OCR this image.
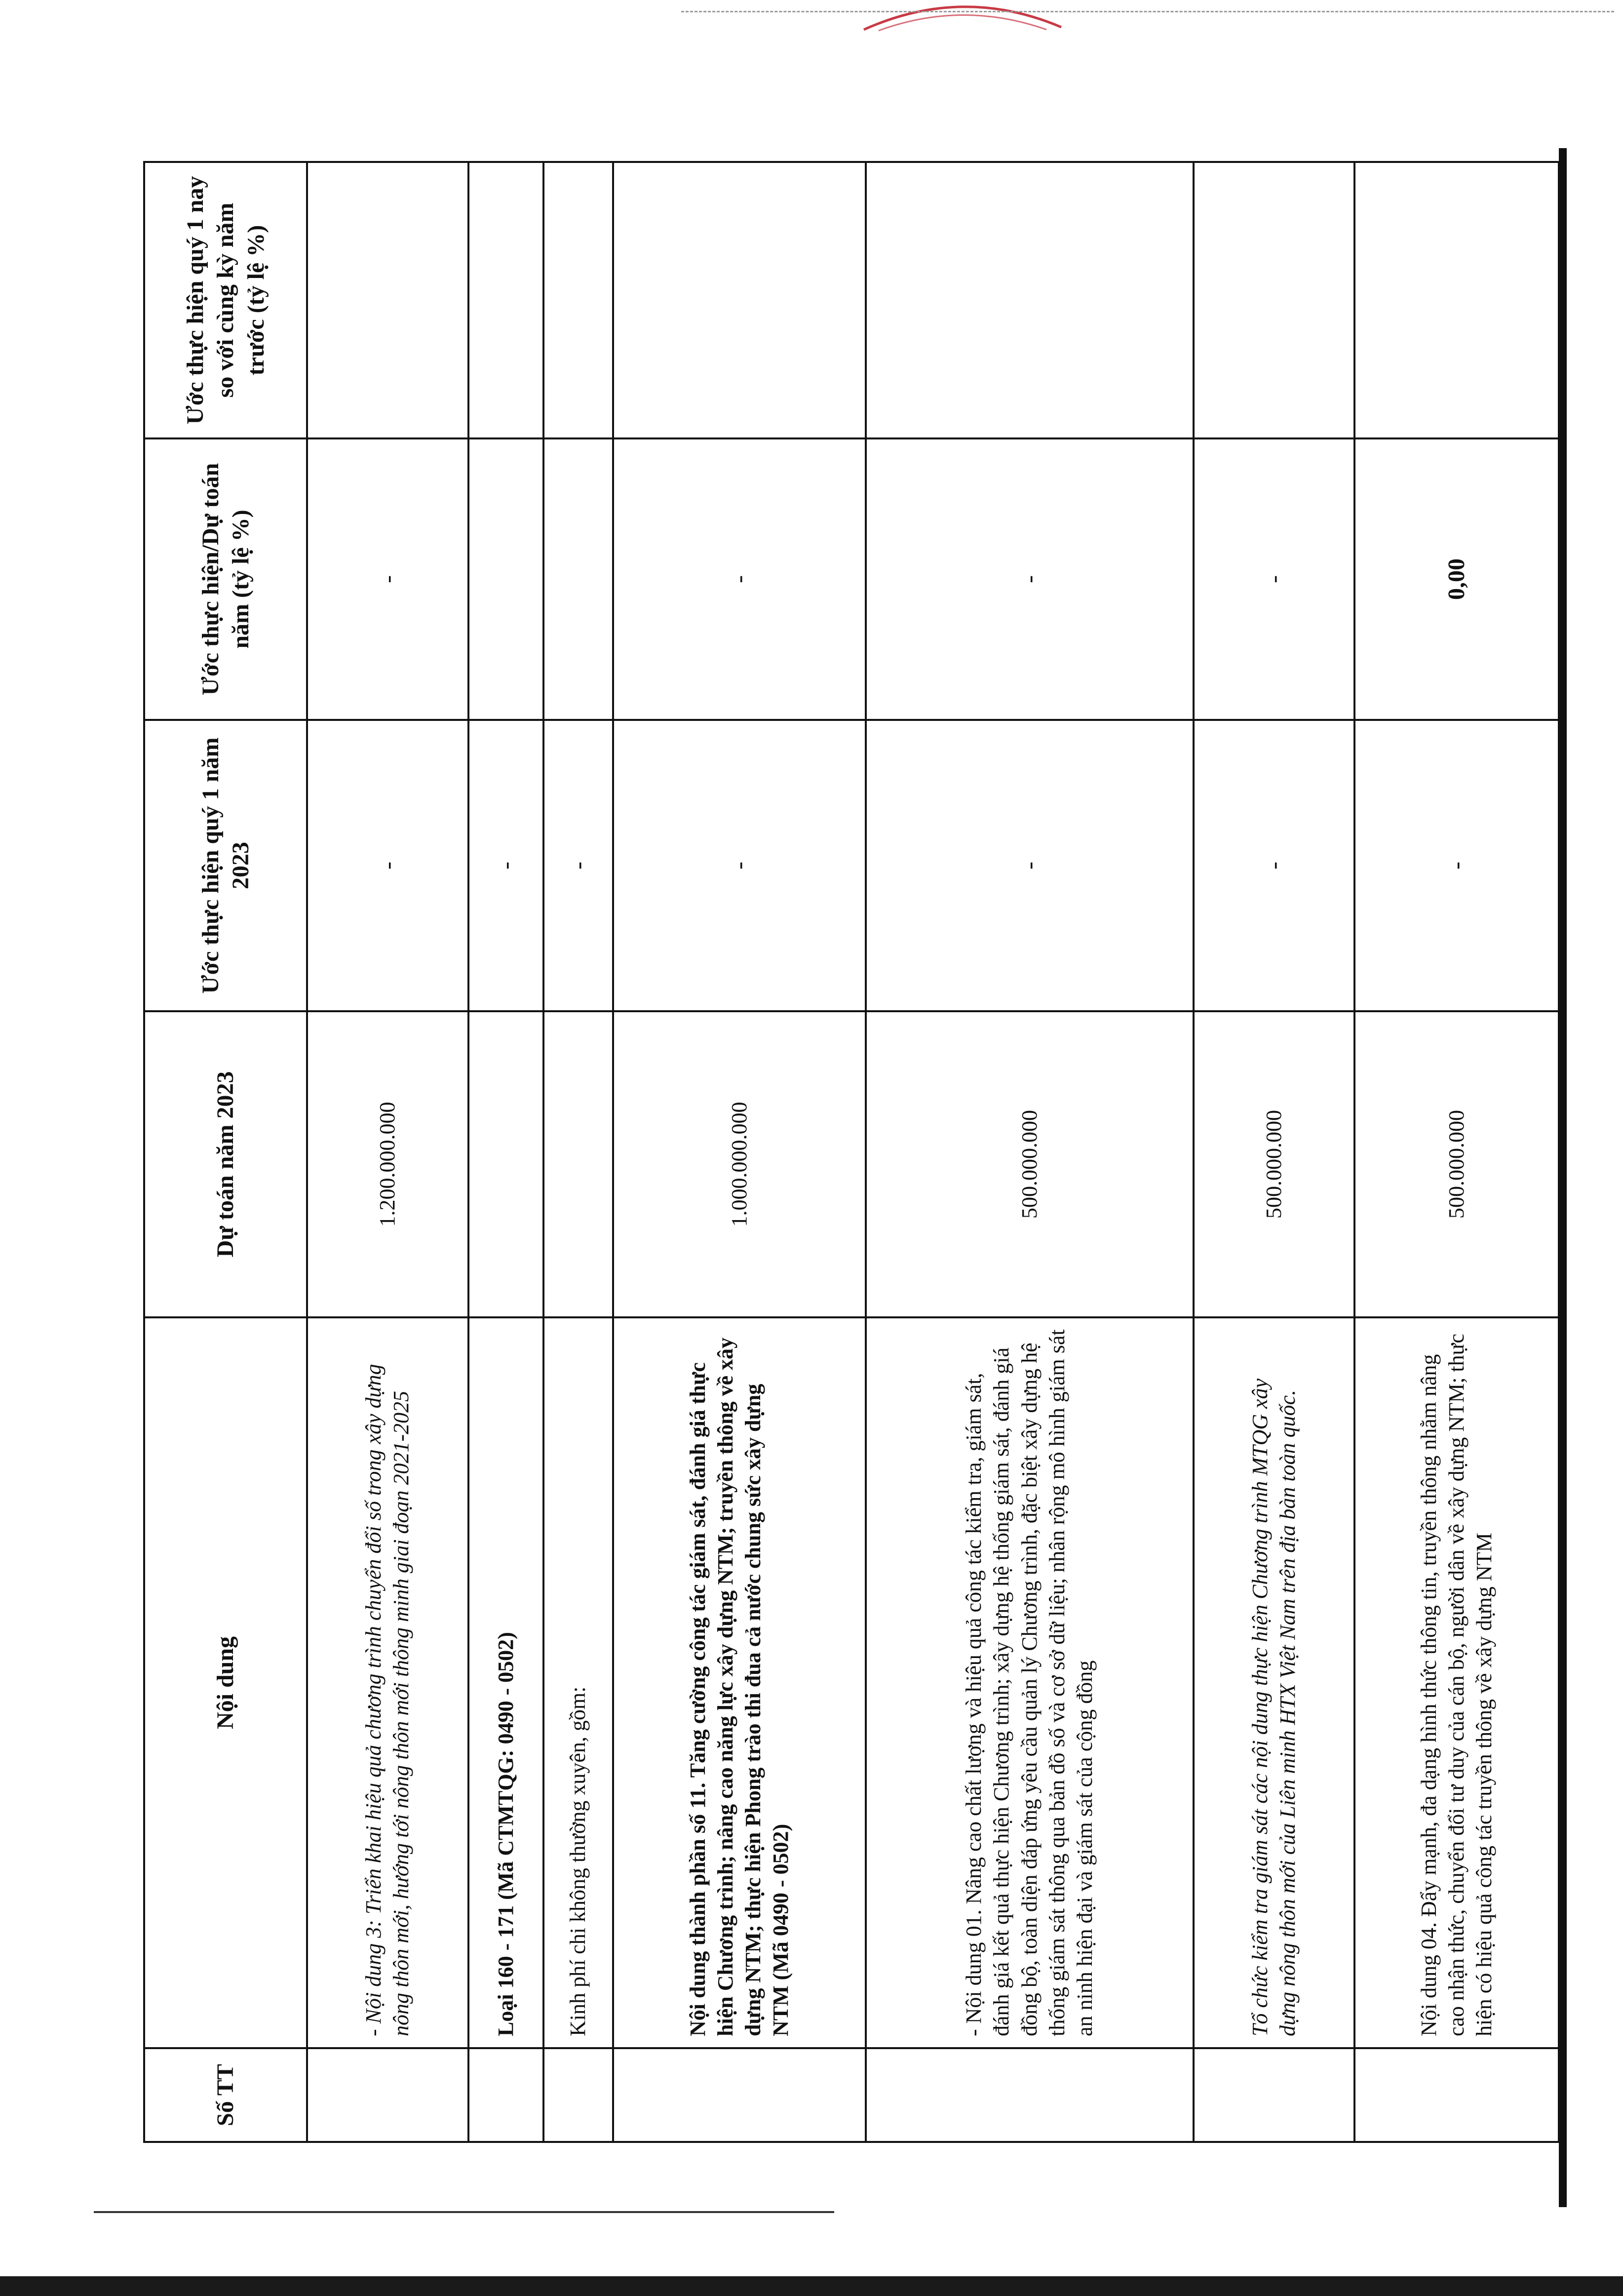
Số TT	Nội dung	Dự toán năm 2023	Ước thực hiện quý 1 năm 2023	Ước thực hiện/Dự toán năm (tỷ lệ %)	Ước thực hiện quý 1 nay so với cùng kỳ năm trước (tỷ lệ %)
	- Nội dung 3: Triển khai hiệu quả chương trình chuyển đổi số trong xây dựng nông thôn mới, hướng tới nông thôn mới thông minh giai đoạn 2021-2025	1.200.000.000	-	-	
	Loại 160 - 171 (Mã CTMTQG: 0490 - 0502)		-		
	Kinh phí chi không thường xuyên, gồm:		-		
	Nội dung thành phần số 11. Tăng cường công tác giám sát, đánh giá thực hiện Chương trình; nâng cao năng lực xây dựng NTM; truyền thông về xây dựng NTM; thực hiện Phong trào thi đua cả nước chung sức xây dựng NTM (Mã 0490 - 0502)	1.000.000.000	-	-	
	- Nội dung 01. Nâng cao chất lượng và hiệu quả công tác kiểm tra, giám sát, đánh giá kết quả thực hiện Chương trình; xây dựng hệ thống giám sát, đánh giá đồng bộ, toàn diện đáp ứng yêu cầu quản lý Chương trình, đặc biệt xây dựng hệ thống giám sát thông qua bản đồ số và cơ sở dữ liệu; nhân rộng mô hình giám sát an ninh hiện đại và giám sát của cộng đồng	500.000.000	-	-	
	Tổ chức kiểm tra giám sát các nội dung thực hiện Chương trình MTQG xây dựng nông thôn mới của Liên minh HTX Việt Nam trên địa bàn toàn quốc.	500.000.000	-	-	
	Nội dung 04. Đẩy mạnh, đa dạng hình thức thông tin, truyền thông nhằm nâng cao nhận thức, chuyển đổi tư duy của cán bộ, người dân về xây dựng NTM; thực hiện có hiệu quả công tác truyền thông về xây dựng NTM	500.000.000	-	0,00	
